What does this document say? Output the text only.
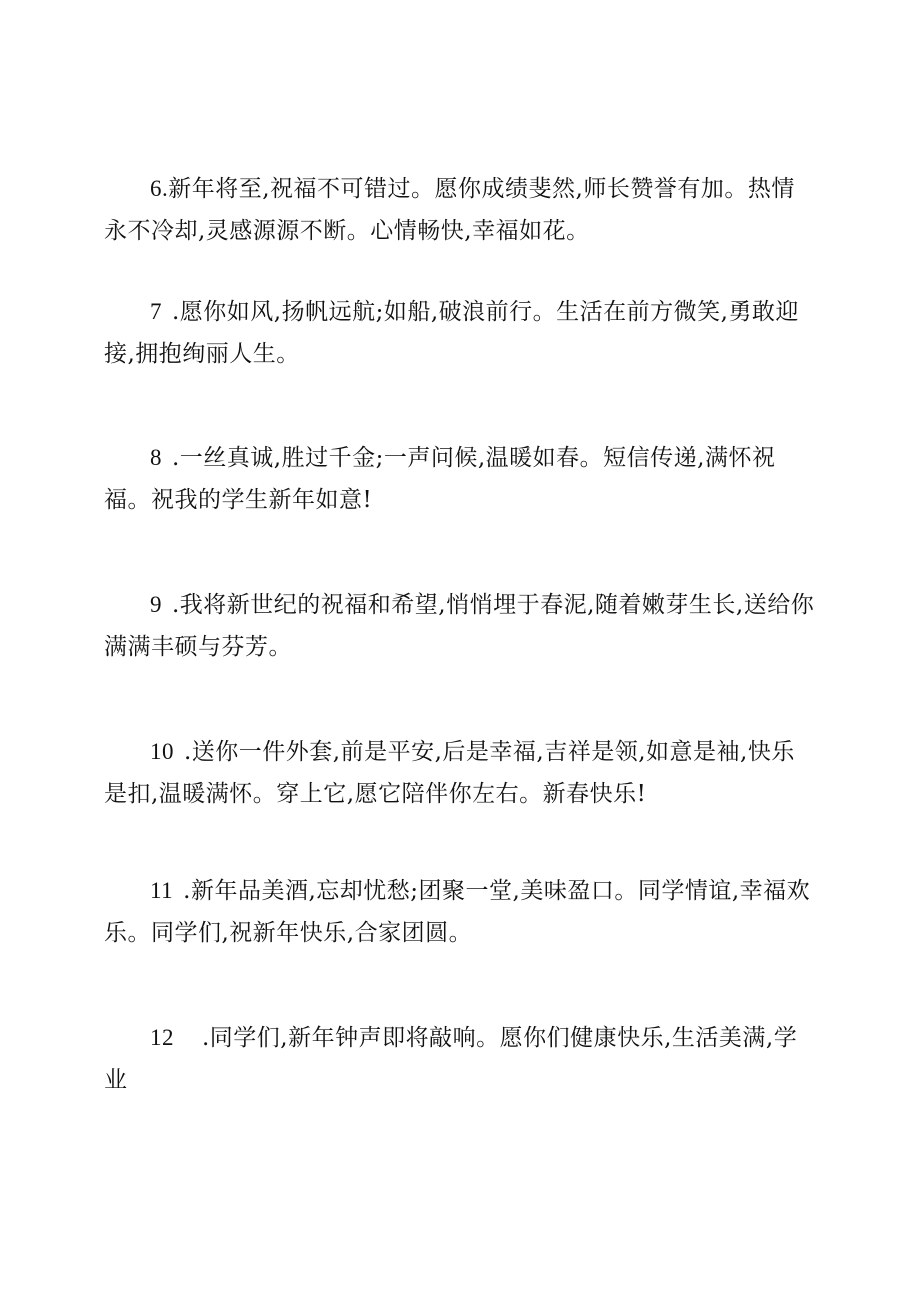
6.新年将至,祝福不可错过。愿你成绩斐然,师长赞誉有加。热情
永不冷却,灵感源源不断。心情畅快,幸福如花。
7 .愿你如风,扬帆远航;如船,破浪前行。生活在前方微笑,勇敢迎
接,拥抱绚丽人生。
8 .一丝真诚,胜过千金;一声问候,温暖如春。短信传递,满怀祝
福。祝我的学生新年如意!
9 .我将新世纪的祝福和希望,悄悄埋于春泥,随着嫩芽生长,送给你
满满丰硕与芬芳。
10 .送你一件外套,前是平安,后是幸福,吉祥是领,如意是袖,快乐
是扣,温暖满怀。穿上它,愿它陪伴你左右。新春快乐!
11 .新年品美酒,忘却忧愁;团聚一堂,美味盈口。同学情谊,幸福欢
乐。同学们,祝新年快乐,合家团圆。
12 .同学们,新年钟声即将敲响。愿你们健康快乐,生活美满,学
业
